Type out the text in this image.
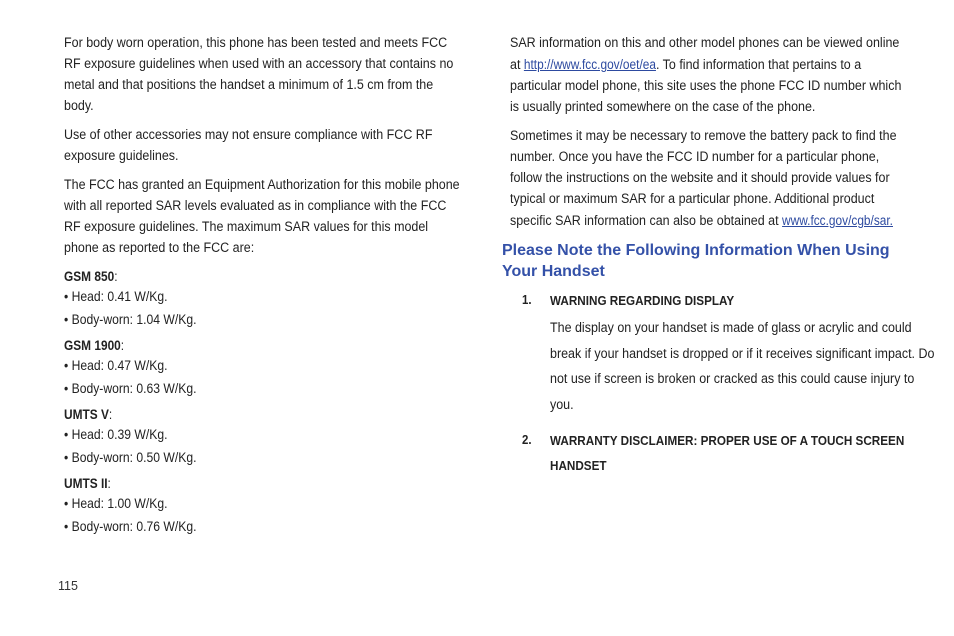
For body worn operation, this phone has been tested and meets FCC RF exposure guidelines when used with an accessory that contains no metal and that positions the handset a minimum of 1.5 cm from the body.

Use of other accessories may not ensure compliance with FCC RF exposure guidelines.

The FCC has granted an Equipment Authorization for this mobile phone with all reported SAR levels evaluated as in compliance with the FCC RF exposure guidelines. The maximum SAR values for this model phone as reported to the FCC are:

GSM 850:
• Head: 0.41 W/Kg.
• Body-worn: 1.04 W/Kg.
GSM 1900:
• Head: 0.47 W/Kg.
• Body-worn: 0.63 W/Kg.
UMTS V:
• Head: 0.39 W/Kg.
• Body-worn: 0.50 W/Kg.
UMTS II:
• Head: 1.00 W/Kg.
• Body-worn: 0.76 W/Kg.

SAR information on this and other model phones can be viewed online at http://www.fcc.gov/oet/ea. To find information that pertains to a particular model phone, this site uses the phone FCC ID number which is usually printed somewhere on the case of the phone.

Sometimes it may be necessary to remove the battery pack to find the number. Once you have the FCC ID number for a particular phone, follow the instructions on the website and it should provide values for typical or maximum SAR for a particular phone. Additional product specific SAR information can also be obtained at www.fcc.gov/cgb/sar.

Please Note the Following Information When Using Your Handset
1.	WARNING REGARDING DISPLAY
The display on your handset is made of glass or acrylic and could break if your handset is dropped or if it receives significant impact. Do not use if screen is broken or cracked as this could cause injury to you.
2.	WARRANTY DISCLAIMER: PROPER USE OF A TOUCH SCREEN HANDSET
115
